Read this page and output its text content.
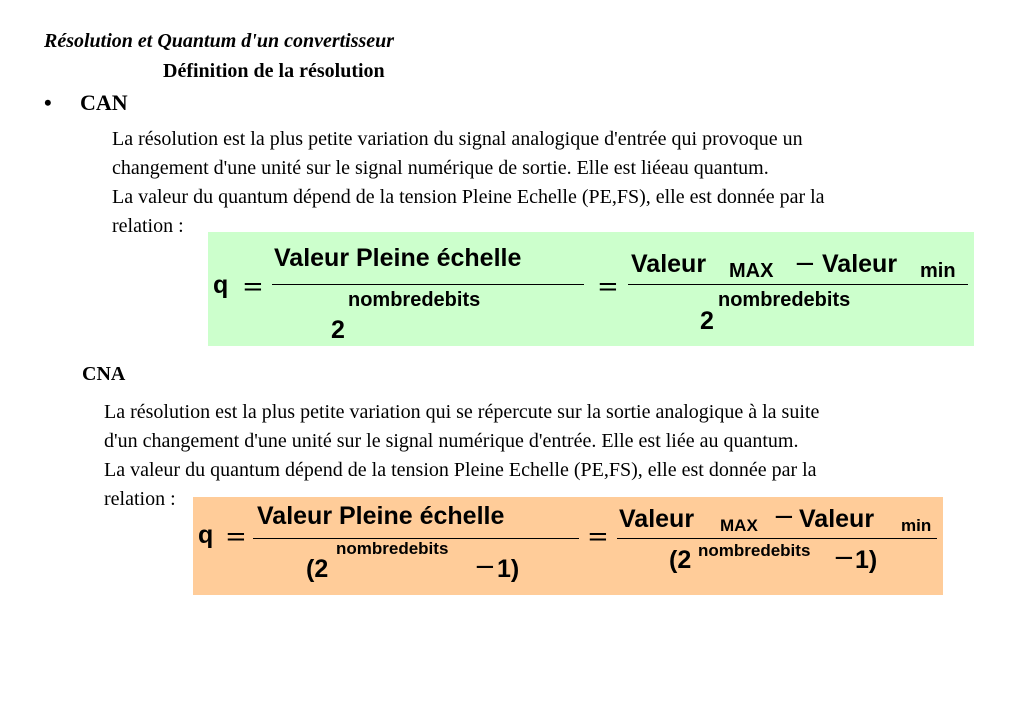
Résolution et Quantum d'un convertisseur
Définition de la résolution
• CAN
La résolution est la plus petite variation du signal analogique d'entrée qui provoque un
changement d'une unité sur le signal numérique de sortie. Elle est liéeau quantum.
La valeur du quantum dépend de la tension Pleine Echelle (PE,FS), elle est donnée par la
relation :
q =
Valeur Pleine échelle
nombredebits
2
=
Valeur MAX − Valeur min
nombredebits
2
CNA
La résolution est la plus petite variation qui se répercute sur la sortie analogique à la suite
d'un changement d'une unité sur le signal numérique d'entrée. Elle est liée au quantum.
La valeur du quantum dépend de la tension Pleine Echelle (PE,FS), elle est donnée par la
relation :
q =
Valeur Pleine échelle
(2
nombredebits
− 1)
=
Valeur MAX − Valeur min
(2 nombredebits − 1)
